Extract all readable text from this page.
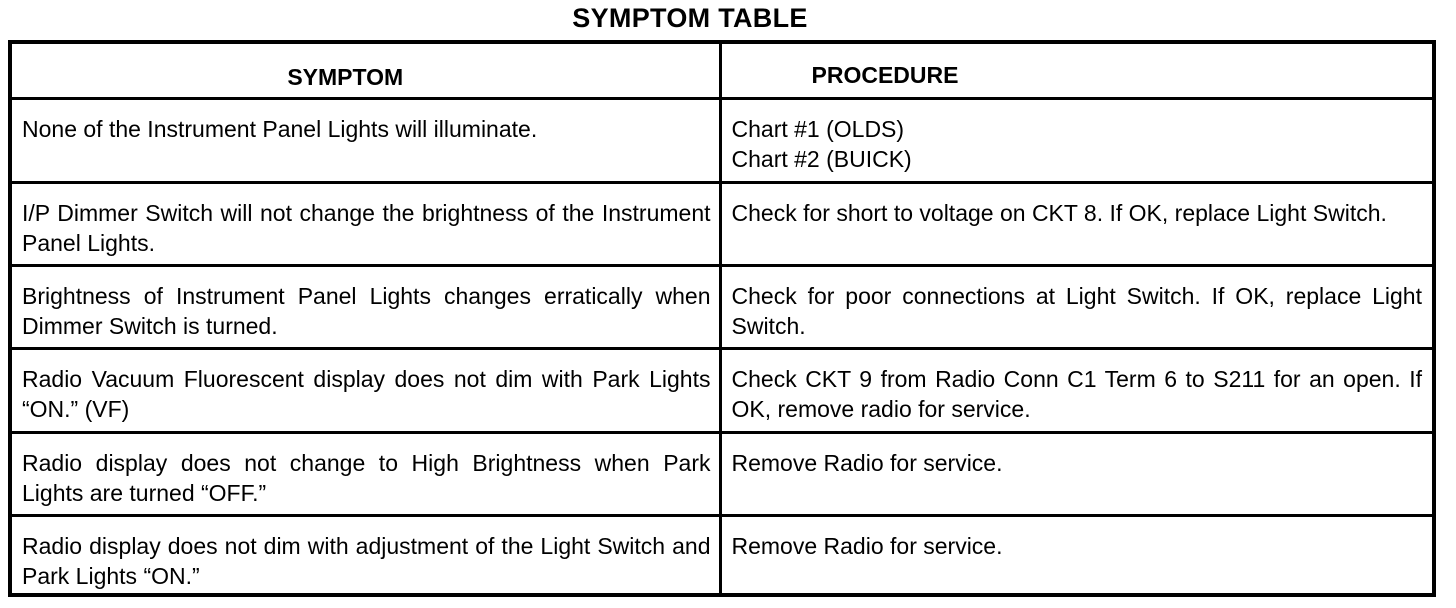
SYMPTOM TABLE
SYMPTOM	PROCEDURE
None of the Instrument Panel Lights will illuminate.	Chart #1 (OLDS)
Chart #2 (BUICK)

I/P Dimmer Switch will not change the brightness of the Instrument Panel Lights.	Check for short to voltage on CKT 8. If OK, replace Light Switch.

Brightness of Instrument Panel Lights changes erratically when Dimmer Switch is turned.	Check for poor connections at Light Switch. If OK, replace Light Switch.

Radio Vacuum Fluorescent display does not dim with Park Lights “ON.” (VF)	Check CKT 9 from Radio Conn C1 Term 6 to S211 for an open. If OK, remove radio for service.

Radio display does not change to High Brightness when Park Lights are turned “OFF.”	Remove Radio for service.

Radio display does not dim with adjustment of the Light Switch and Park Lights “ON.”	Remove Radio for service.
